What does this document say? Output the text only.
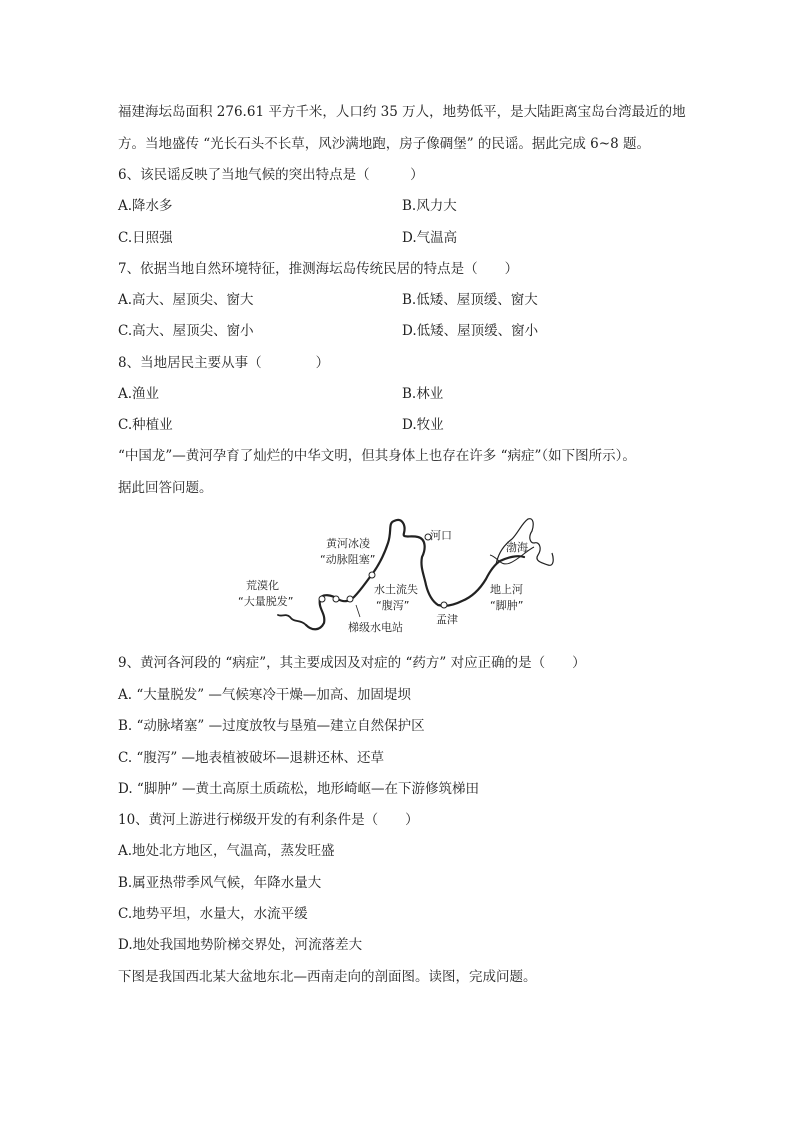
福建海坛岛面积 276.61 平方千米，人口约 35 万人，地势低平，是大陆距离宝岛台湾最近的地
方。当地盛传 “光长石头不长草，风沙满地跑，房子像碉堡” 的民谣。据此完成 6~8 题。
6、该民谣反映了当地气候的突出特点是（　　　）
A.降水多	B.风力大
C.日照强	D.气温高
7、依据当地自然环境特征，推测海坛岛传统民居的特点是（　　）
A.高大、屋顶尖、窗大	B.低矮、屋顶缓、窗大
C.高大、屋顶尖、窗小	D.低矮、屋顶缓、窗小
8、当地居民主要从事（　　　　）
A.渔业	B.林业
C.种植业	D.牧业
“中国龙”—黄河孕育了灿烂的中华文明，但其身体上也存在许多 “病症”（如下图所示）。
据此回答问题。
黄河冰凌
“动脉阻塞”
河口
渤海
荒漠化
“大量脱发”
水土流失
“腹泻”
地上河
“脚肿”
孟津
梯级水电站
9、黄河各河段的 “病症”，其主要成因及对症的 “药方” 对应正确的是（　　）
A. “大量脱发” —气候寒冷干燥—加高、加固堤坝
B. “动脉堵塞” —过度放牧与垦殖—建立自然保护区
C. “腹泻” —地表植被破坏—退耕还林、还草
D. “脚肿” —黄土高原土质疏松，地形崎岖—在下游修筑梯田
10、黄河上游进行梯级开发的有利条件是（　　）
A.地处北方地区，气温高，蒸发旺盛
B.属亚热带季风气候，年降水量大
C.地势平坦，水量大，水流平缓
D.地处我国地势阶梯交界处，河流落差大
下图是我国西北某大盆地东北—西南走向的剖面图。读图，完成问题。
